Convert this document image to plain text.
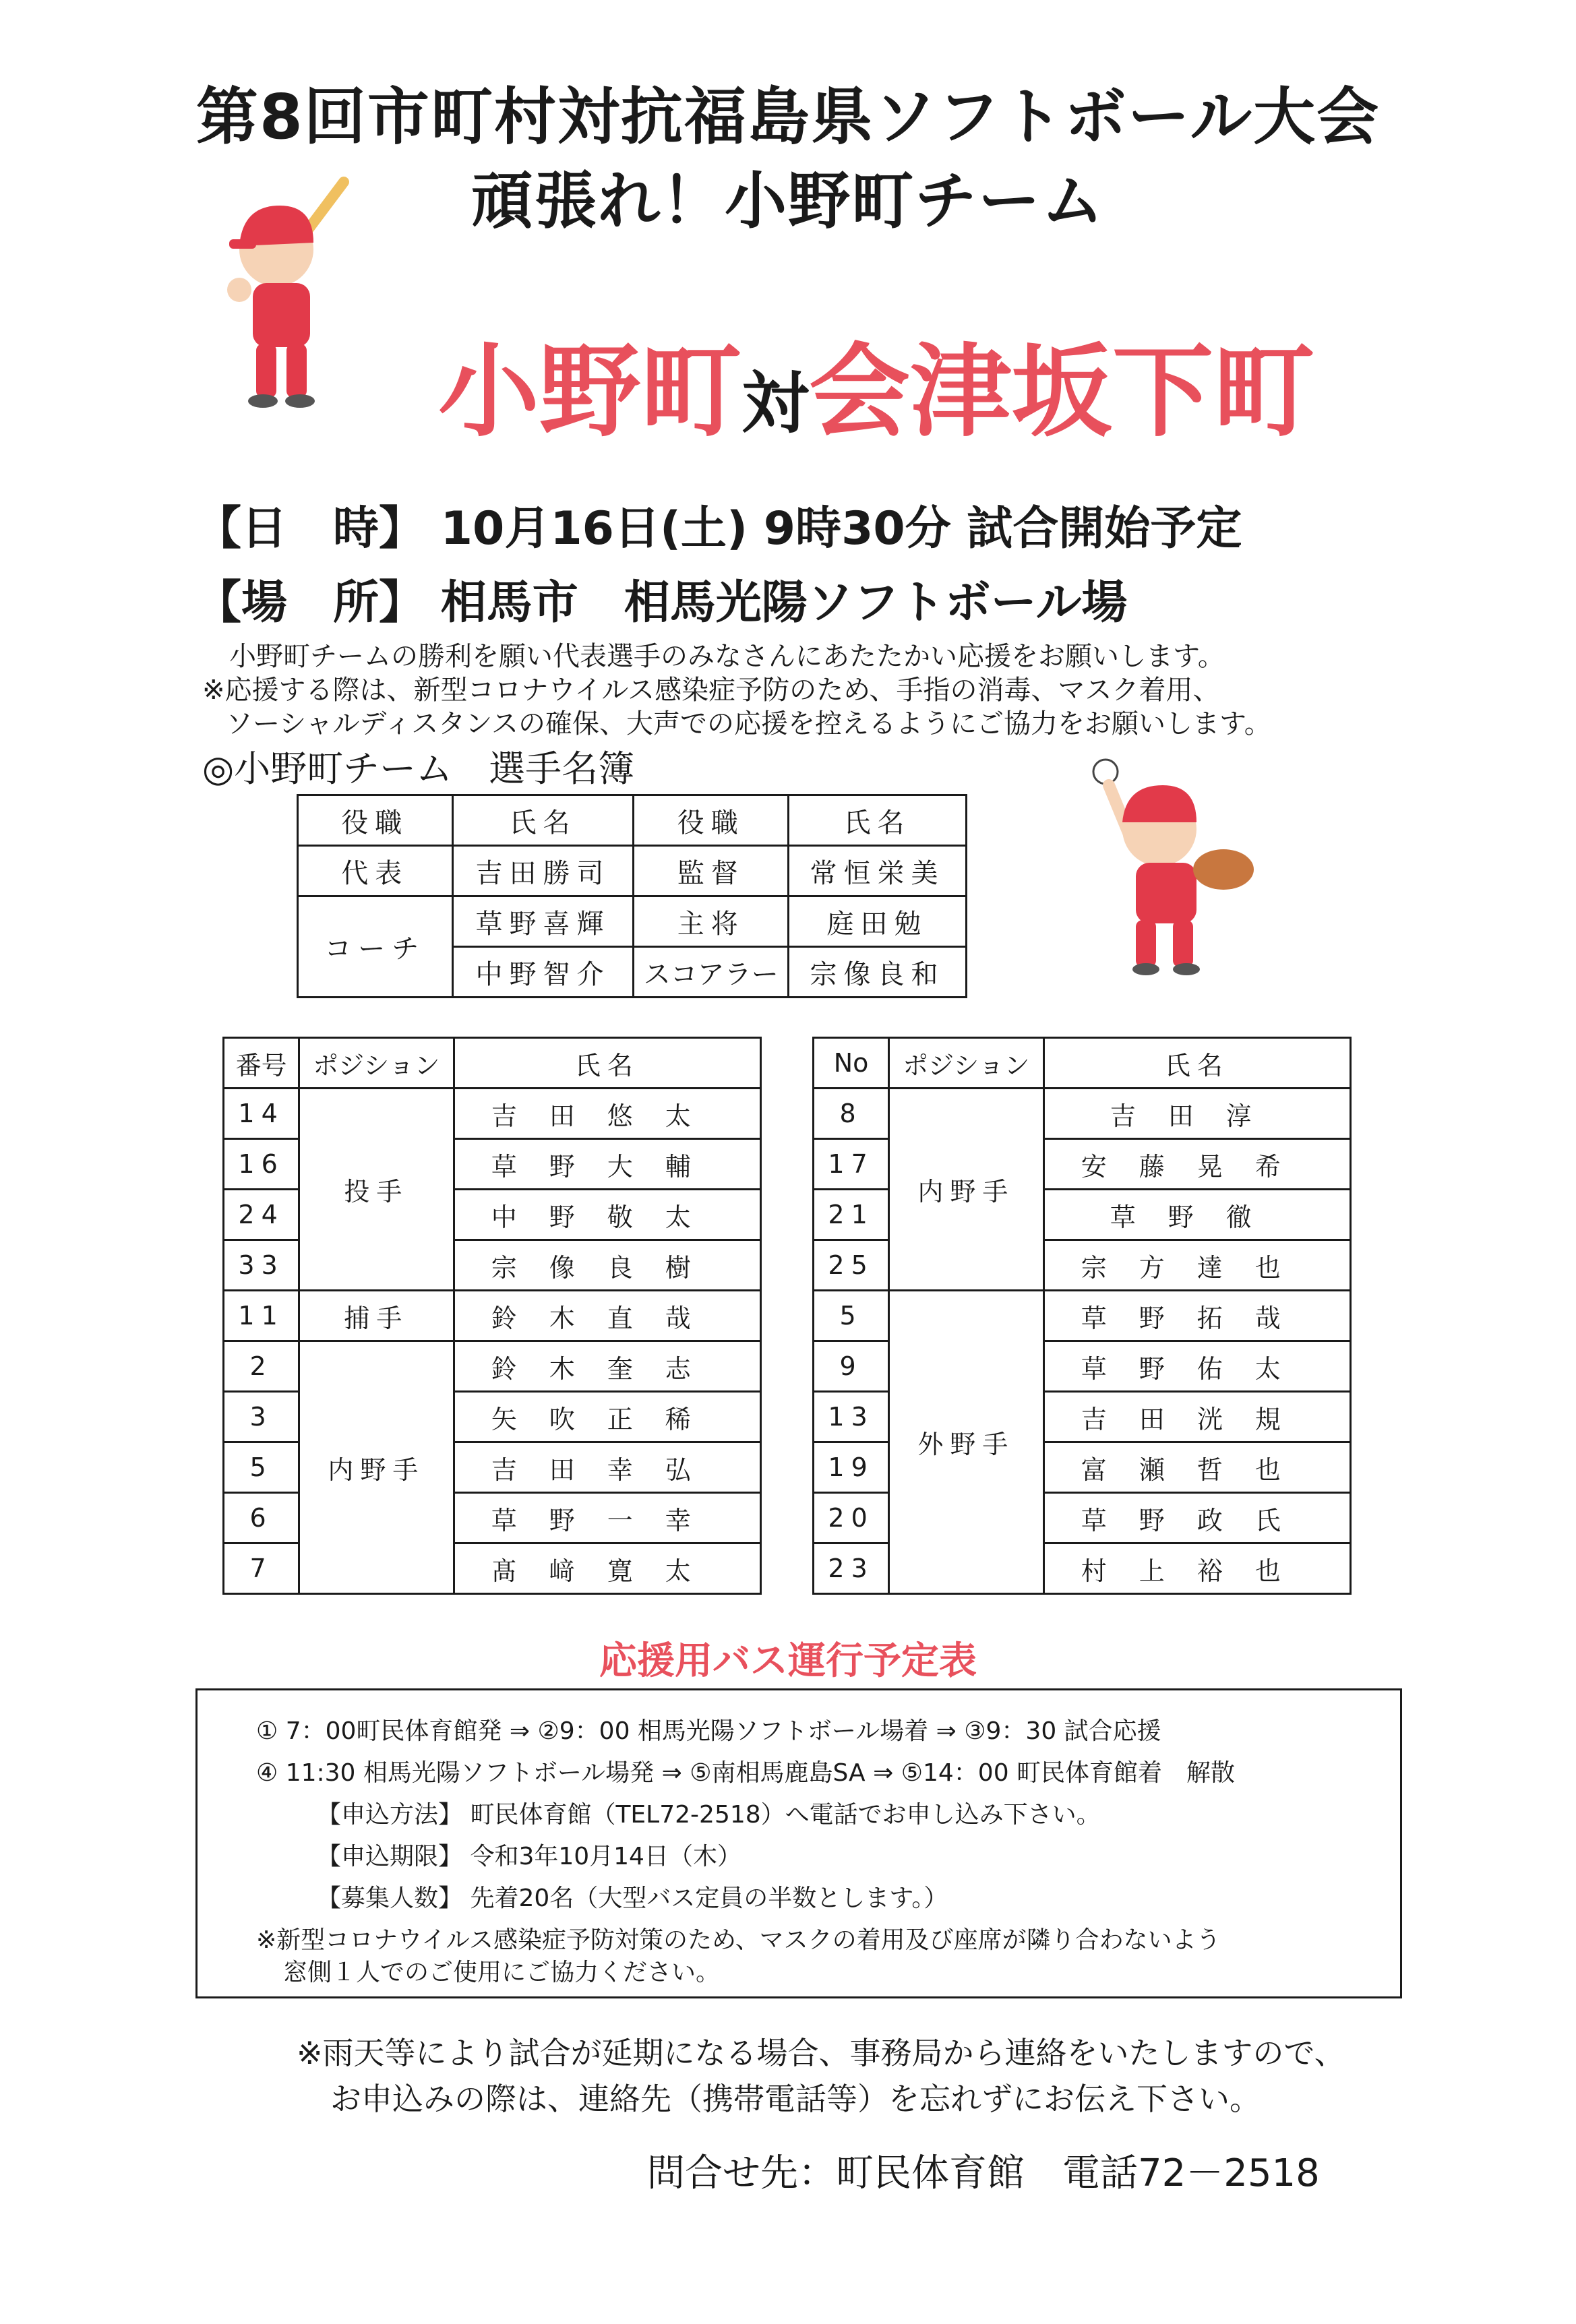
第8回市町村対抗福島県ソフトボール大会
頑張れ！小野町チーム
小野町対会津坂下町
【日　時】 10月16日(土) 9時30分 試合開始予定
【場　所】 相馬市　相馬光陽ソフトボール場
小野町チームの勝利を願い代表選手のみなさんにあたたかい応援をお願いします。
※応援する際は、新型コロナウイルス感染症予防のため、手指の消毒、マスク着用、
ソーシャルディスタンスの確保、大声での応援を控えるようにご協力をお願いします。
◎小野町チーム　選手名簿
役職	氏名	役職	氏名
代表	吉田勝司	監督	常恒栄美
コーチ	草野喜輝	主将	庭田勉
	中野智介	スコアラー	宗像良和
番号	ポジション	氏名
14	投手	吉田悠太
16		草野大輔
24		中野敬太
33		宗像良樹
11	捕手	鈴木直哉
2	内野手	鈴木奎志
3		矢吹正稀
5		吉田幸弘
6		草野一幸
7		髙﨑寛太
No	ポジション	氏名
8	内野手	吉田淳
17		安藤晃希
21		草野徹
25		宗方達也
5	外野手	草野拓哉
9		草野佑太
13		吉田洸規
19		富瀬哲也
20		草野政氏
23		村上裕也
応援用バス運行予定表
① 7：00町民体育館発 ⇒ ②9：00 相馬光陽ソフトボール場着 ⇒ ③9：30 試合応援
④ 11:30 相馬光陽ソフトボール場発 ⇒ ⑤南相馬鹿島SA ⇒ ⑤14：00 町民体育館着　解散
【申込方法】 町民体育館（TEL72-2518）へ電話でお申し込み下さい。
【申込期限】 令和3年10月14日（木）
【募集人数】 先着20名（大型バス定員の半数とします。）
※新型コロナウイルス感染症予防対策のため、マスクの着用及び座席が隣り合わないよう
窓側１人でのご使用にご協力ください。
※雨天等により試合が延期になる場合、事務局から連絡をいたしますので、
お申込みの際は、連絡先（携帯電話等）を忘れずにお伝え下さい。
問合せ先：町民体育館　電話72－2518
